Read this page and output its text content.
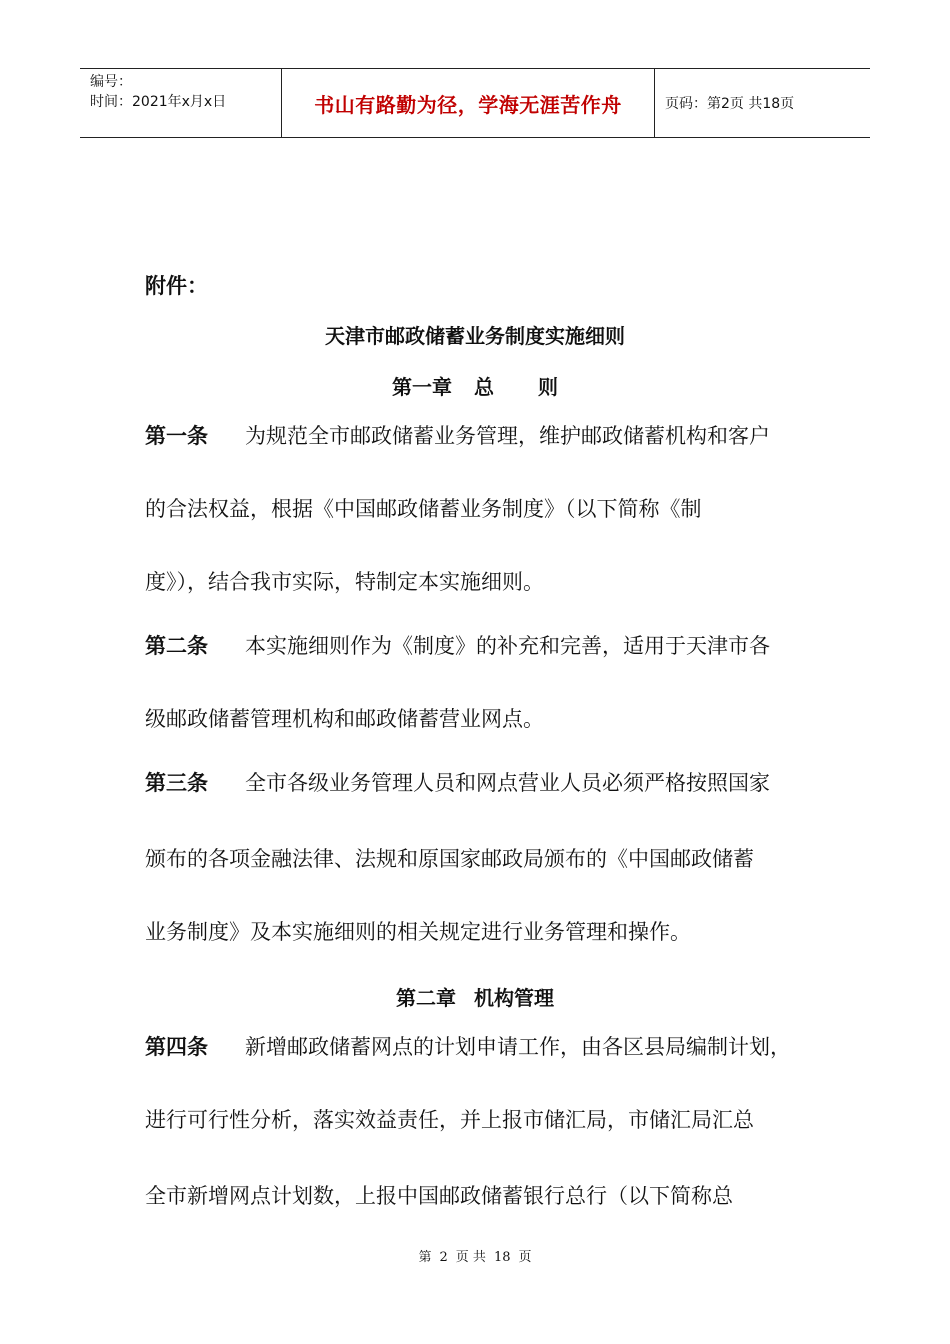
编号：
时间：2021年x月x日	书山有路勤为径，学海无涯苦作舟	页码：第2页 共18页
附件：
天津市邮政储蓄业务制度实施细则
第一章 总 则
第一条 为规范全市邮政储蓄业务管理，维护邮政储蓄机构和客户
的合法权益，根据《中国邮政储蓄业务制度》（以下简称《制
度》），结合我市实际，特制定本实施细则。
第二条 本实施细则作为《制度》的补充和完善，适用于天津市各
级邮政储蓄管理机构和邮政储蓄营业网点。
第三条 全市各级业务管理人员和网点营业人员必须严格按照国家
颁布的各项金融法律、法规和原国家邮政局颁布的《中国邮政储蓄
业务制度》及本实施细则的相关规定进行业务管理和操作。
第二章 机构管理
第四条 新增邮政储蓄网点的计划申请工作，由各区县局编制计划，
进行可行性分析，落实效益责任，并上报市储汇局，市储汇局汇总
全市新增网点计划数，上报中国邮政储蓄银行总行（以下简称总
第 2 页 共 18 页
